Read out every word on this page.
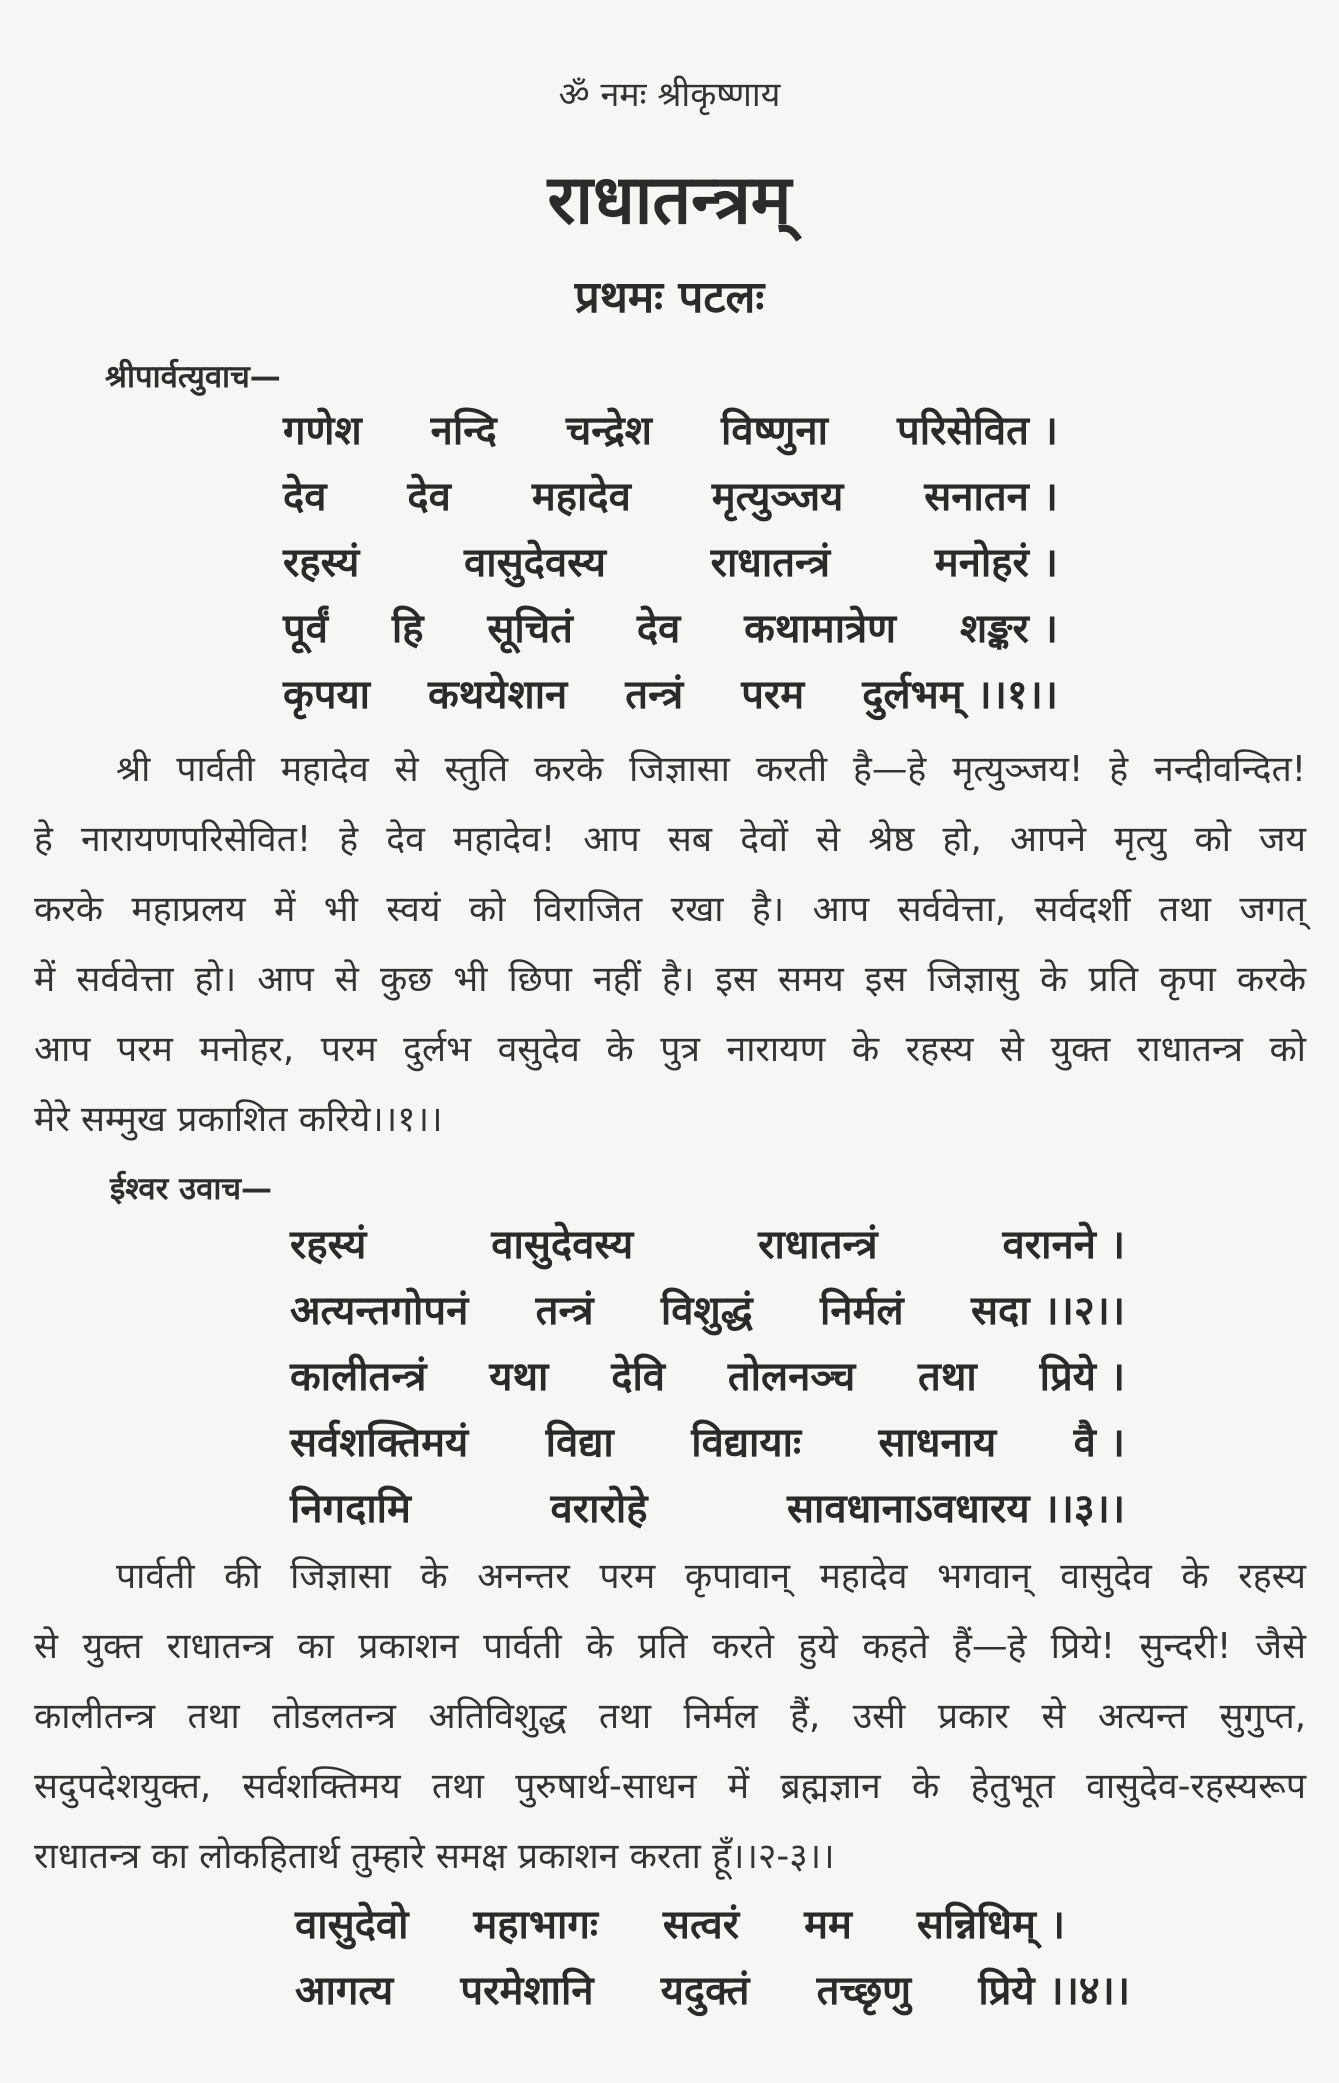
ॐ नमः श्रीकृष्णाय
राधातन्त्रम्
प्रथमः पटलः
श्रीपार्वत्युवाच—
गणेश नन्दि चन्द्रेश विष्णुना परिसेवित ।
देव देव महादेव मृत्युञ्जय सनातन ।
रहस्यं	वासुदेवस्य	राधातन्त्रं	मनोहरं ।
पूर्वं हि सूचितं देव कथामात्रेण शङ्कर ।
कृपया कथयेशान तन्त्रं परम दुर्लभम् ।।१।।
श्री पार्वती महादेव से स्तुति करके जिज्ञासा करती है—हे मृत्युञ्जय! हे नन्दीवन्दित!
हे नारायणपरिसेवित! हे देव महादेव! आप सब देवों से श्रेष्ठ हो, आपने मृत्यु को जय
करके महाप्रलय में भी स्वयं को विराजित रखा है। आप सर्ववेत्ता, सर्वदर्शी तथा जगत्
में सर्ववेत्ता हो। आप से कुछ भी छिपा नहीं है। इस समय इस जिज्ञासु के प्रति कृपा करके
आप परम मनोहर, परम दुर्लभ वसुदेव के पुत्र नारायण के रहस्य से युक्त राधातन्त्र को
मेरे सम्मुख प्रकाशित करिये।।१।।
ईश्वर उवाच—
रहस्यं	वासुदेवस्य	राधातन्त्रं	वरानने ।
अत्यन्तगोपनं तन्त्रं विशुद्धं निर्मलं सदा ।।२।।
कालीतन्त्रं यथा देवि तोलनञ्च तथा प्रिये ।
सर्वशक्तिमयं विद्या विद्यायाः साधनाय वै ।
निगदामि	वरारोहे	सावधानाऽवधारय ।।३।।
पार्वती की जिज्ञासा के अनन्तर परम कृपावान् महादेव भगवान् वासुदेव के रहस्य
से युक्त राधातन्त्र का प्रकाशन पार्वती के प्रति करते हुये कहते हैं—हे प्रिये! सुन्दरी! जैसे
कालीतन्त्र तथा तोडलतन्त्र अतिविशुद्ध तथा निर्मल हैं, उसी प्रकार से अत्यन्त सुगुप्त,
सदुपदेशयुक्त, सर्वशक्तिमय तथा पुरुषार्थ-साधन में ब्रह्मज्ञान के हेतुभूत वासुदेव-रहस्यरूप
राधातन्त्र का लोकहितार्थ तुम्हारे समक्ष प्रकाशन करता हूँ।।२-३।।
वासुदेवो महाभागः सत्वरं मम सन्निधिम् ।
आगत्य परमेशानि यदुक्तं तच्छृणु प्रिये ।।४।।
